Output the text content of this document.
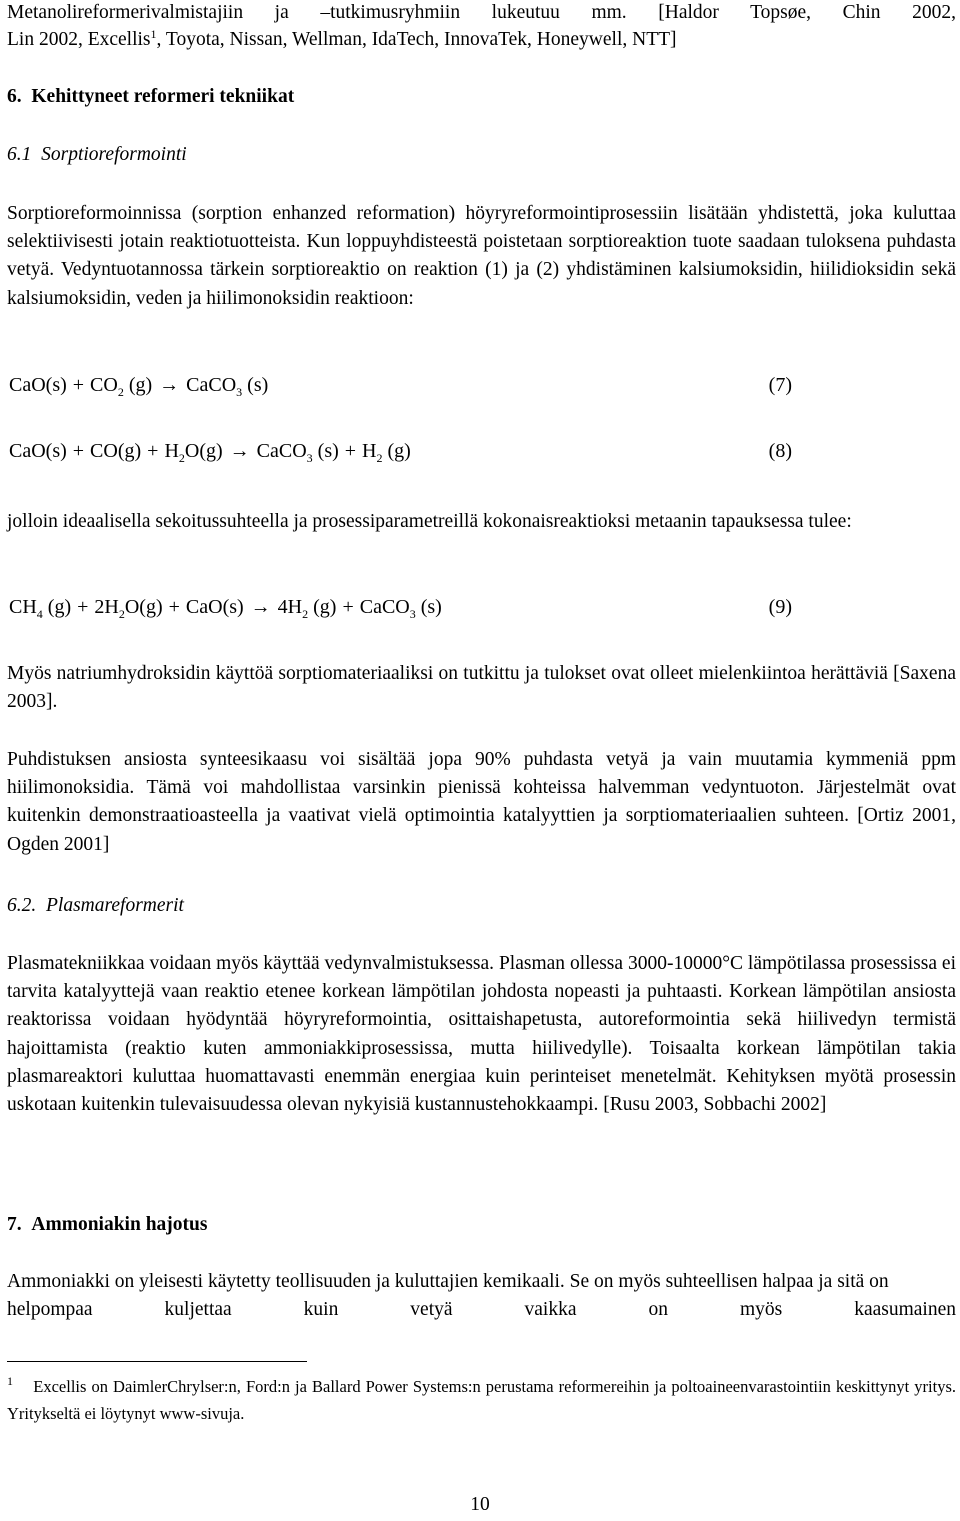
Metanolireformerivalmistajiin ja –tutkimusryhmiin lukeutuu mm. [Haldor Topsøe, Chin 2002,
Lin 2002, Excellis$^1$, Toyota, Nissan, Wellman, IdaTech, InnovaTek, Honeywell, NTT]
6. Kehittyneet reformeri tekniikat
6.1 Sorptioreformointi
Sorptioreformoinnissa (sorption enhanzed reformation) höyryreformointiprosessiin lisätään yhdistettä, joka kuluttaa selektiivisesti jotain reaktiotuotteista. Kun loppuyhdisteestä poistetaan sorptioreaktion tuote saadaan tuloksena puhdasta vetyä. Vedyntuotannossa tärkein sorptioreaktio on reaktion (1) ja (2) yhdistäminen kalsiumoksidin, hiilidioksidin sekä kalsiumoksidin, veden ja hiilimonoksidin reaktioon:
$CaO(s) + CO_2$ (g) → CaCO$_3$ (s)	(7)
$CaO(s) + CO(g) + H_2O(g)$ → CaCO$_3$ $(s) + H_2$ (g)	(8)
jolloin ideaalisella sekoitussuhteella ja prosessiparametreillä kokonaisreaktioksi metaanin tapauksessa tulee:
$CH_4$ $(g) + 2H_2O(g) + CaO(s) \to 4H_2$ (g) + CaCO$_3$ (s)	(9)
Myös natriumhydroksidin käyttöä sorptiomateriaaliksi on tutkittu ja tulokset ovat olleet mielenkiintoa herättäviä [Saxena 2003].
Puhdistuksen ansiosta synteesikaasu voi sisältää jopa 90% puhdasta vetyä ja vain muutamia kymmeniä ppm hiilimonoksidia. Tämä voi mahdollistaa varsinkin pienissä kohteissa halvemman vedyntuoton. Järjestelmät ovat kuitenkin demonstraatioasteella ja vaativat vielä optimointia katalyyttien ja sorptiomateriaalien suhteen. [Ortiz 2001, Ogden 2001]
6.2. Plasmareformerit
Plasmatekniikkaa voidaan myös käyttää vedynvalmistuksessa. Plasman ollessa 3000-10000°C lämpötilassa prosessissa ei tarvita katalyyttejä vaan reaktio etenee korkean lämpötilan johdosta nopeasti ja puhtaasti. Korkean lämpötilan ansiosta reaktorissa voidaan hyödyntää höyryreformointia, osittaishapetusta, autoreformointia sekä hiilivedyn termistä hajoittamista (reaktio kuten ammoniakkiprosessissa, mutta hiilivedylle). Toisaalta korkean lämpötilan takia plasmareaktori kuluttaa huomattavasti enemmän energiaa kuin perinteiset menetelmät. Kehityksen myötä prosessin uskotaan kuitenkin tulevaisuudessa olevan nykyisiä kustannustehokkaampi. [Rusu 2003, Sobbachi 2002]
7. Ammoniakin hajotus
Ammoniakki on yleisesti käytetty teollisuuden ja kuluttajien kemikaali. Se on myös suhteellisen halpaa ja sitä on helpompaa kuljettaa kuin vetyä vaikka on myös kaasumainen
$^1$ Excellis on DaimlerChrylser:n, Ford:n ja Ballard Power Systems:n perustama reformereihin ja poltoaineenvarastointiin keskittynyt yritys. Yritykseltä ei löytynyt www-sivuja.
10
